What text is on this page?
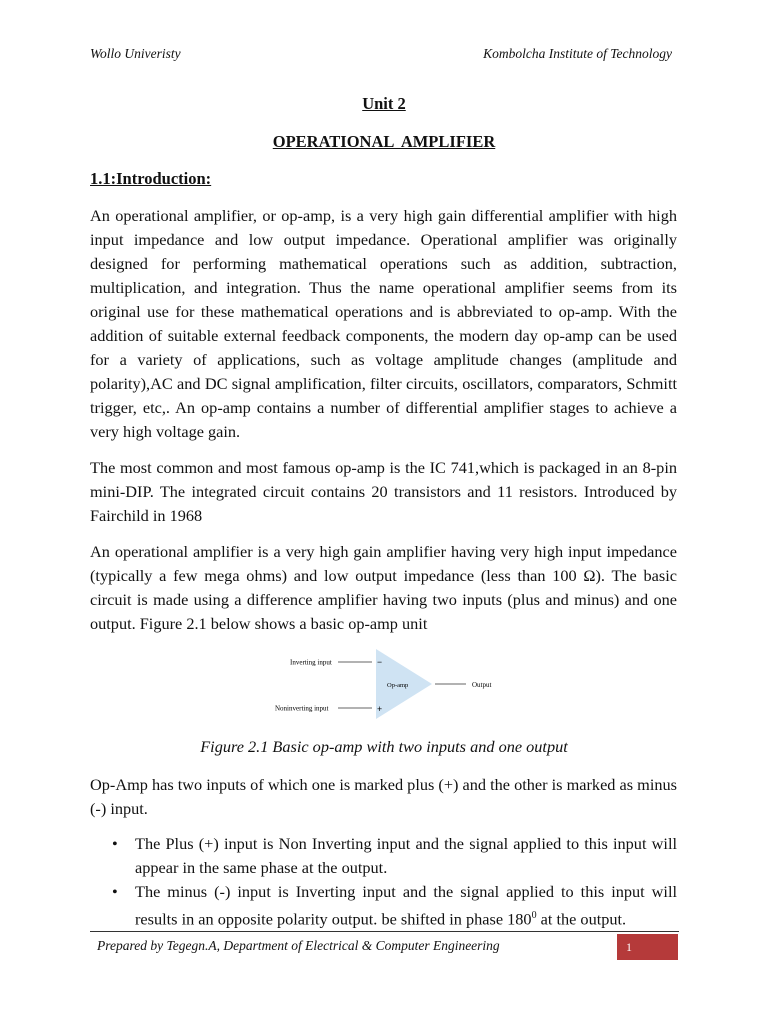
Wollo Univeristy	Kombolcha Institute of Technology
Unit 2
OPERATIONAL  AMPLIFIER
1.1:Introduction:

An operational amplifier, or op-amp, is a very high gain differential amplifier with high input impedance and low output impedance. Operational amplifier was originally designed for performing mathematical operations such as addition, subtraction, multiplication, and integration. Thus the name operational amplifier seems from its original use for these mathematical operations and is abbreviated to op-amp. With the addition of suitable external feedback components, the modern day op-amp can be used for a variety of applications, such as voltage amplitude changes (amplitude and polarity),AC and DC signal amplification, filter circuits, oscillators, comparators, Schmitt trigger, etc,. An op-amp contains a number of differential amplifier stages to achieve a very high voltage gain.

The most common and most famous op-amp is the IC 741,which is packaged in an 8-pin mini-DIP. The integrated circuit contains 20 transistors and 11 resistors. Introduced by Fairchild in 1968

An operational amplifier is a very high gain amplifier having very high input impedance (typically a few mega ohms) and low output impedance (less than 100 Ω). The basic circuit is made using a difference amplifier having two inputs (plus and minus) and one output. Figure 2.1 below shows a basic op-amp unit

Inverting input
Noninverting input
Op-amp	Output
−
+
Figure 2.1 Basic op-amp with two inputs and one output

Op-Amp has two inputs of which one is marked plus (+) and the other is marked as minus (-) input.

• The Plus (+) input is Non Inverting input and the signal applied to this input will appear in the same phase at the output.
• The minus (-) input is Inverting input and the signal applied to this input will results in an opposite polarity output. be shifted in phase $180^0$ at the output.
Prepared by Tegegn.A, Department of Electrical & Computer Engineering	1
